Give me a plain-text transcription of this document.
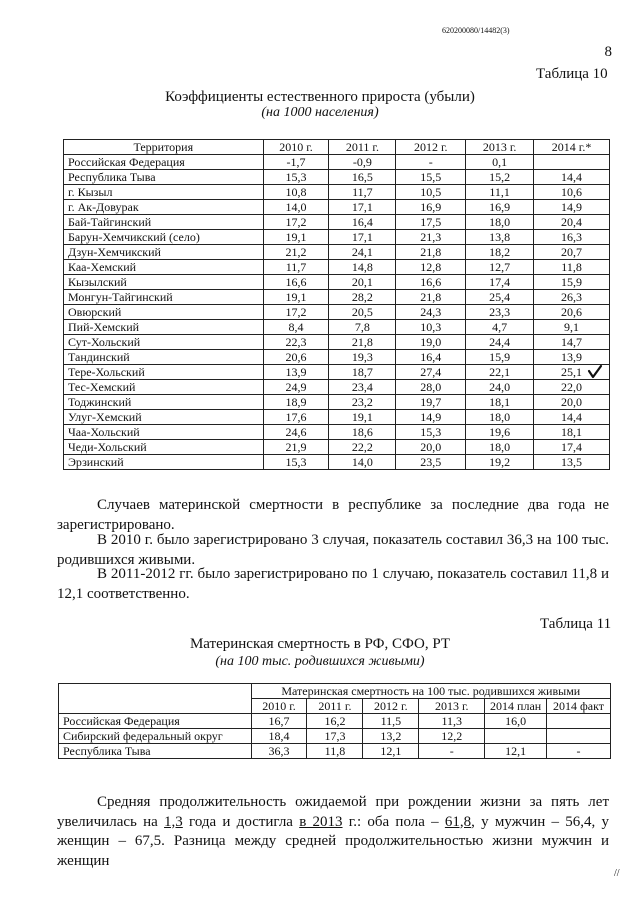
620200080/14482(3)
8
Таблица 10
Коэффициенты естественного прироста (убыли)
(на 1000 населения)
Территория	2010 г.	2011 г.	2012 г.	2013 г.	2014 г.*
Российская Федерация	-1,7	-0,9	-	0,1	
Республика Тыва	15,3	16,5	15,5	15,2	14,4
г. Кызыл	10,8	11,7	10,5	11,1	10,6
г. Ак-Довурак	14,0	17,1	16,9	16,9	14,9
Бай-Тайгинский	17,2	16,4	17,5	18,0	20,4
Барун-Хемчикский (село)	19,1	17,1	21,3	13,8	16,3
Дзун-Хемчикский	21,2	24,1	21,8	18,2	20,7
Каа-Хемский	11,7	14,8	12,8	12,7	11,8
Кызылский	16,6	20,1	16,6	17,4	15,9
Монгун-Тайгинский	19,1	28,2	21,8	25,4	26,3
Овюрский	17,2	20,5	24,3	23,3	20,6
Пий-Хемский	8,4	7,8	10,3	4,7	9,1
Сут-Хольский	22,3	21,8	19,0	24,4	14,7
Тандинский	20,6	19,3	16,4	15,9	13,9
Тере-Хольский	13,9	18,7	27,4	22,1	25,1
Тес-Хемский	24,9	23,4	28,0	24,0	22,0
Тоджинский	18,9	23,2	19,7	18,1	20,0
Улуг-Хемский	17,6	19,1	14,9	18,0	14,4
Чаа-Хольский	24,6	18,6	15,3	19,6	18,1
Чеди-Хольский	21,9	22,2	20,0	18,0	17,4
Эрзинский	15,3	14,0	23,5	19,2	13,5
Случаев материнской смертности в республике за последние два года не зарегистрировано.
В 2010 г. было зарегистрировано 3 случая, показатель составил 36,3 на 100 тыс. родившихся живыми.
В 2011-2012 гг. было зарегистрировано по 1 случаю, показатель составил 11,8 и 12,1 соответственно.
Таблица 11
Материнская смертность в РФ, СФО, РТ
(на 100 тыс. родившихся живыми)
	Материнская смертность на 100 тыс. родившихся живыми					
	2010 г.	2011 г.	2012 г.	2013 г.	2014 план	2014 факт
Российская Федерация	16,7	16,2	11,5	11,3	16,0	
Сибирский федеральный округ	18,4	17,3	13,2	12,2		
Республика Тыва	36,3	11,8	12,1	-	12,1	-
Средняя продолжительность ожидаемой при рождении жизни за пять лет увеличилась на 1,3 года и достигла в 2013 г.: оба пола – 61,8, у мужчин – 56,4, у женщин – 67,5. Разница между средней продолжительностью жизни мужчин и женщин
//
